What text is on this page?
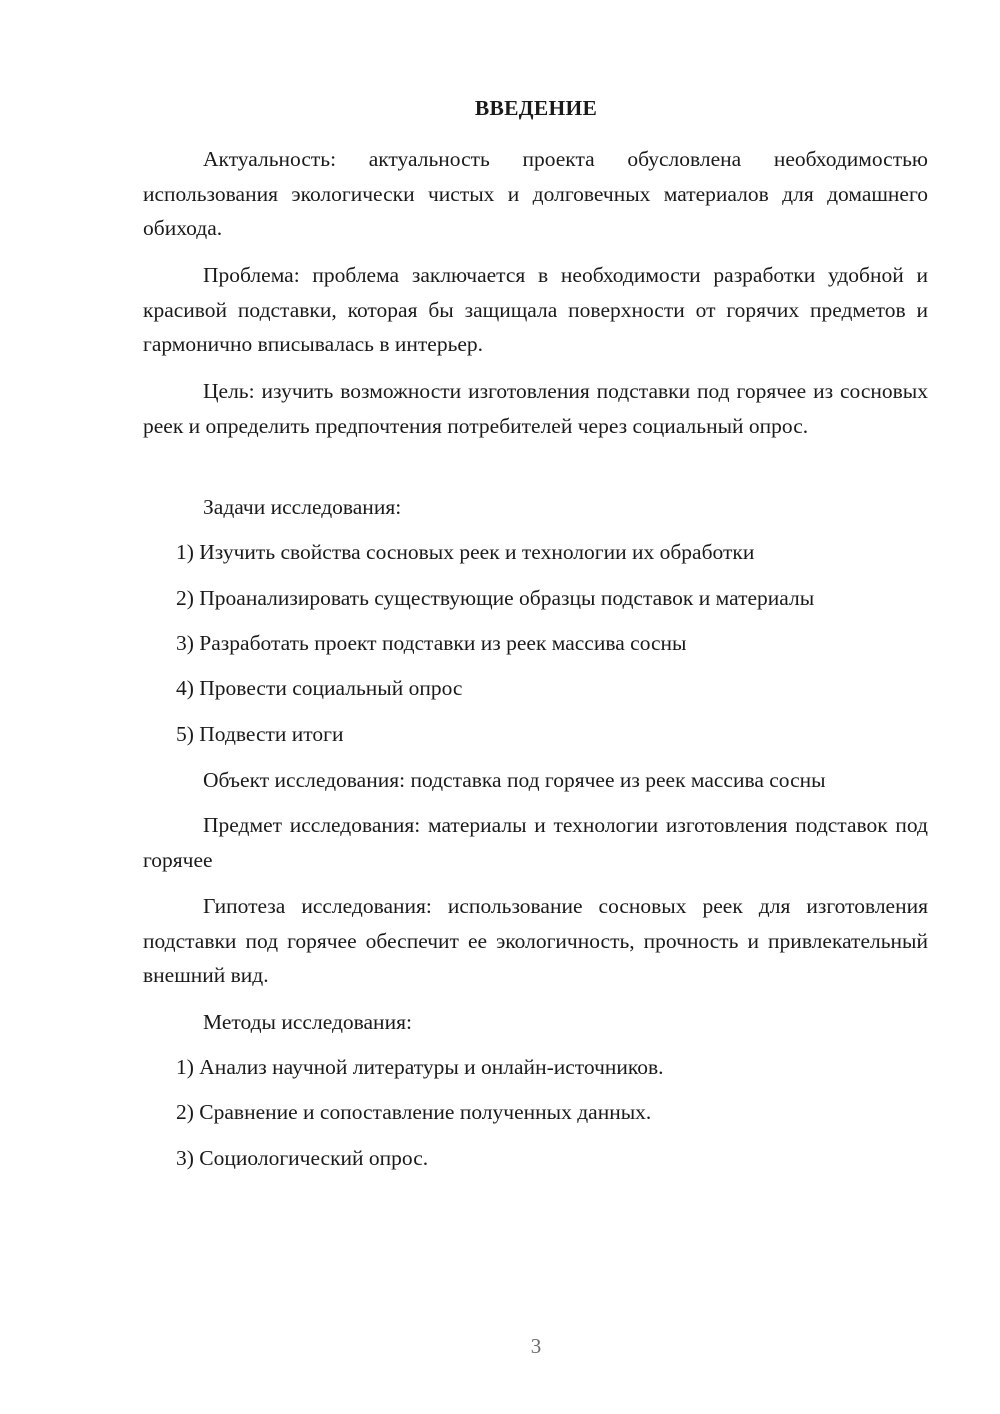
ВВЕДЕНИЕ

Актуальность: актуальность проекта обусловлена необходимостью использования экологически чистых и долговечных материалов для домашнего обихода.

Проблема: проблема заключается в необходимости разработки удобной и красивой подставки, которая бы защищала поверхности от горячих предметов и гармонично вписывалась в интерьер.

Цель: изучить возможности изготовления подставки под горячее из сосновых реек и определить предпочтения потребителей через социальный опрос.

Задачи исследования:

1) Изучить свойства сосновых реек и технологии их обработки

2) Проанализировать существующие образцы подставок и материалы

3) Разработать проект подставки из реек массива сосны

4) Провести социальный опрос

5) Подвести итоги

Объект исследования: подставка под горячее из реек массива сосны

Предмет исследования: материалы и технологии изготовления подставок под горячее

Гипотеза исследования: использование сосновых реек для изготовления подставки под горячее обеспечит ее экологичность, прочность и привлекательный внешний вид.

Методы исследования:

1) Анализ научной литературы и онлайн-источников.

2) Сравнение и сопоставление полученных данных.

3) Социологический опрос.

3
